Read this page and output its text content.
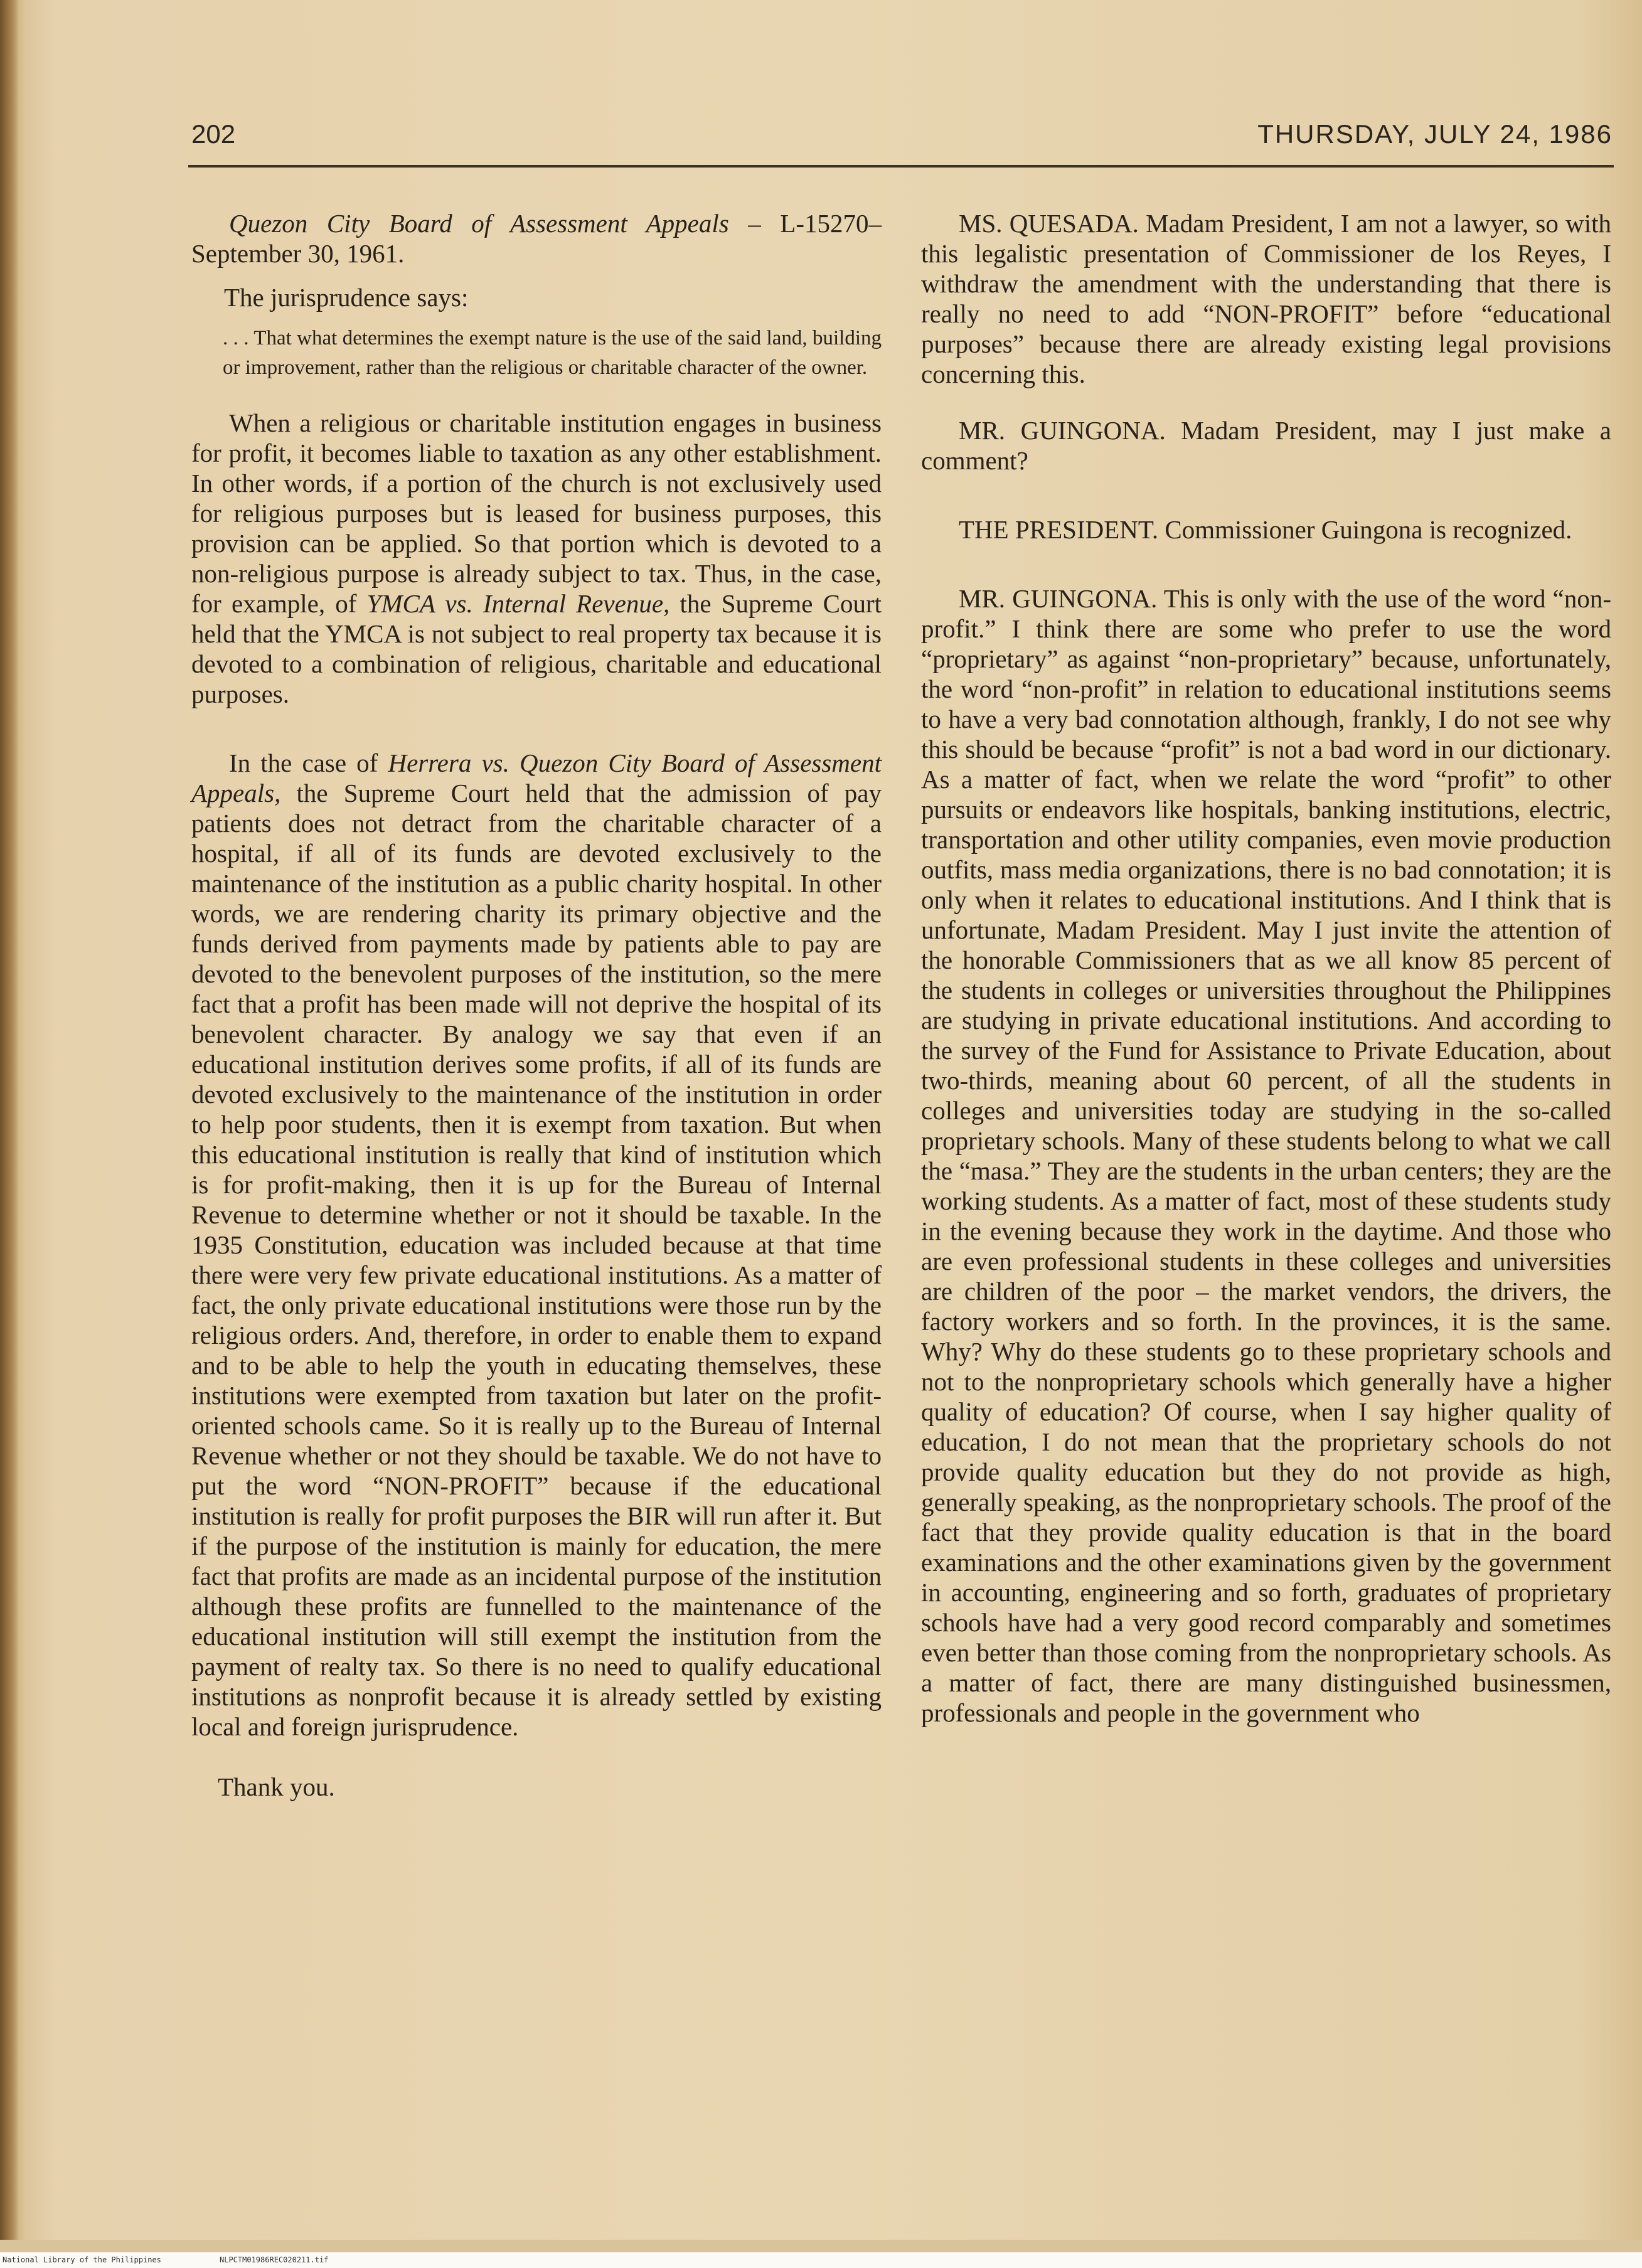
202	THURSDAY, JULY 24, 1986

Quezon City Board of Assessment Appeals – L-15270– September 30, 1961.

The jurisprudence says:
. . . That what determines the exempt nature is the use of the said land, building or improvement, rather than the religious or charitable character of the owner.

When a religious or charitable institution engages in business for profit, it becomes liable to taxation as any other establishment. In other words, if a portion of the church is not exclusively used for religious purposes but is leased for business purposes, this provision can be applied. So that portion which is devoted to a non-religious purpose is already subject to tax. Thus, in the case, for example, of YMCA vs. Internal Revenue, the Supreme Court held that the YMCA is not subject to real property tax because it is devoted to a combination of religious, charitable and educational purposes.

In the case of Herrera vs. Quezon City Board of Assessment Appeals, the Supreme Court held that the admission of pay patients does not detract from the charitable character of a hospital, if all of its funds are devoted exclusively to the maintenance of the institution as a public charity hospital. In other words, we are rendering charity its primary objective and the funds derived from payments made by patients able to pay are devoted to the benevolent purposes of the institution, so the mere fact that a profit has been made will not deprive the hospital of its benevolent character. By analogy we say that even if an educational institution derives some profits, if all of its funds are devoted exclusively to the maintenance of the institution in order to help poor students, then it is exempt from taxation. But when this educational institution is really that kind of institution which is for profit-making, then it is up for the Bureau of Internal Revenue to determine whether or not it should be taxable. In the 1935 Constitution, education was included because at that time there were very few private educational institutions. As a matter of fact, the only private educational institutions were those run by the religious orders. And, therefore, in order to enable them to expand and to be able to help the youth in educating themselves, these institutions were exempted from taxation but later on the profit-oriented schools came. So it is really up to the Bureau of Internal Revenue whether or not they should be taxable. We do not have to put the word “NON-PROFIT” because if the educational institution is really for profit purposes the BIR will run after it. But if the purpose of the institution is mainly for education, the mere fact that profits are made as an incidental purpose of the institution although these profits are funnelled to the maintenance of the educational institution will still exempt the institution from the payment of realty tax. So there is no need to qualify educational institutions as nonprofit because it is already settled by existing local and foreign jurisprudence.

Thank you.

MS. QUESADA. Madam President, I am not a lawyer, so with this legalistic presentation of Commissioner de los Reyes, I withdraw the amendment with the understanding that there is really no need to add “NON-PROFIT” before “educational purposes” because there are already existing legal provisions concerning this.

MR. GUINGONA. Madam President, may I just make a comment?

THE PRESIDENT. Commissioner Guingona is recognized.

MR. GUINGONA. This is only with the use of the word “non-profit.” I think there are some who prefer to use the word “proprietary” as against “non-proprietary” because, unfortunately, the word “non-profit” in relation to educational institutions seems to have a very bad connotation although, frankly, I do not see why this should be because “profit” is not a bad word in our dictionary. As a matter of fact, when we relate the word “profit” to other pursuits or endeavors like hospitals, banking institutions, electric, transportation and other utility companies, even movie production outfits, mass media organizations, there is no bad connotation; it is only when it relates to educational institutions. And I think that is unfortunate, Madam President. May I just invite the attention of the honorable Commissioners that as we all know 85 percent of the students in colleges or universities throughout the Philippines are studying in private educational institutions. And according to the survey of the Fund for Assistance to Private Education, about two-thirds, meaning about 60 percent, of all the students in colleges and universities today are studying in the so-called proprietary schools. Many of these students belong to what we call the “masa.” They are the students in the urban centers; they are the working students. As a matter of fact, most of these students study in the evening because they work in the daytime. And those who are even professional students in these colleges and universities are children of the poor – the market vendors, the drivers, the factory workers and so forth. In the provinces, it is the same. Why? Why do these students go to these proprietary schools and not to the nonproprietary schools which generally have a higher quality of education? Of course, when I say higher quality of education, I do not mean that the proprietary schools do not provide quality education but they do not provide as high, generally speaking, as the nonproprietary schools. The proof of the fact that they provide quality education is that in the board examinations and the other examinations given by the government in accounting, engineering and so forth, graduates of proprietary schools have had a very good record comparably and sometimes even better than those coming from the nonproprietary schools. As a matter of fact, there are many distinguished businessmen, professionals and people in the government who

National Library of the Philippines	NLPCTM01986REC020211.tif
